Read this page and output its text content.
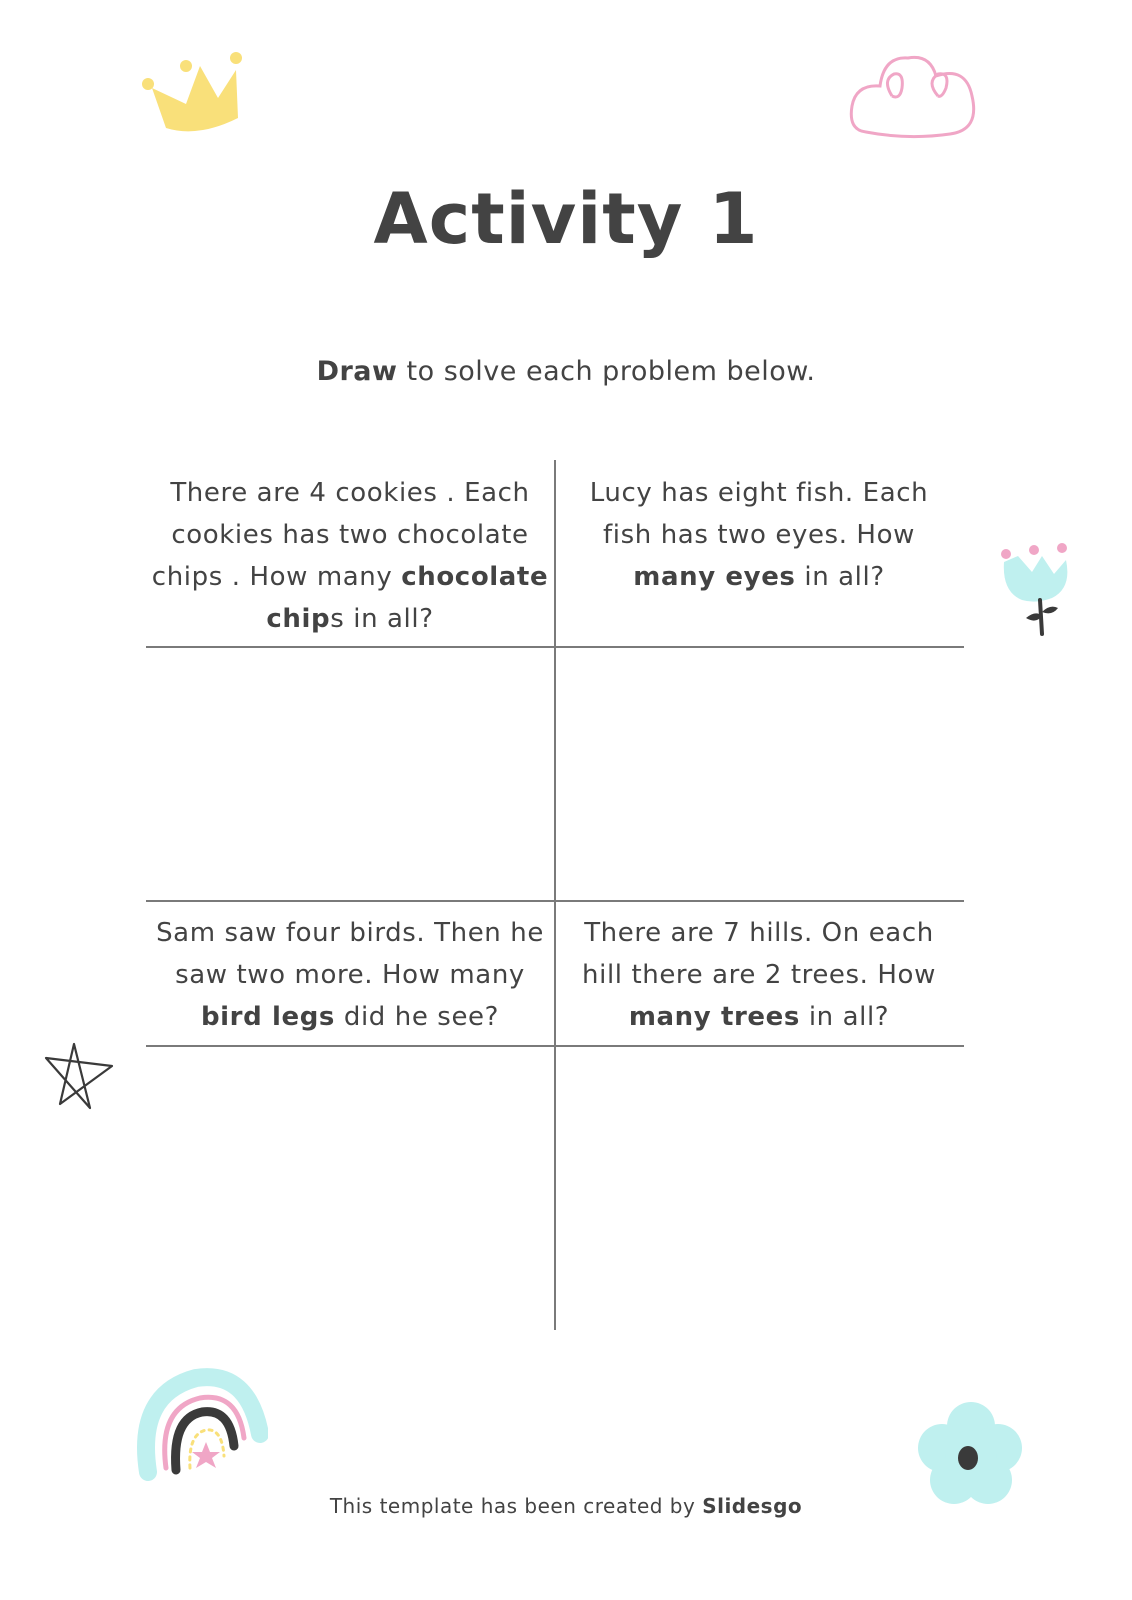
Activity 1
Draw to solve each problem below.
There are 4 cookies . Each cookies has two chocolate chips . How many chocolate chips in all?
Lucy has eight fish. Each fish has two eyes. How many eyes in all?
Sam saw four birds. Then he saw two more. How many bird legs did he see?
There are 7 hills. On each hill there are 2 trees. How many trees in all?
This template has been created by Slidesgo
